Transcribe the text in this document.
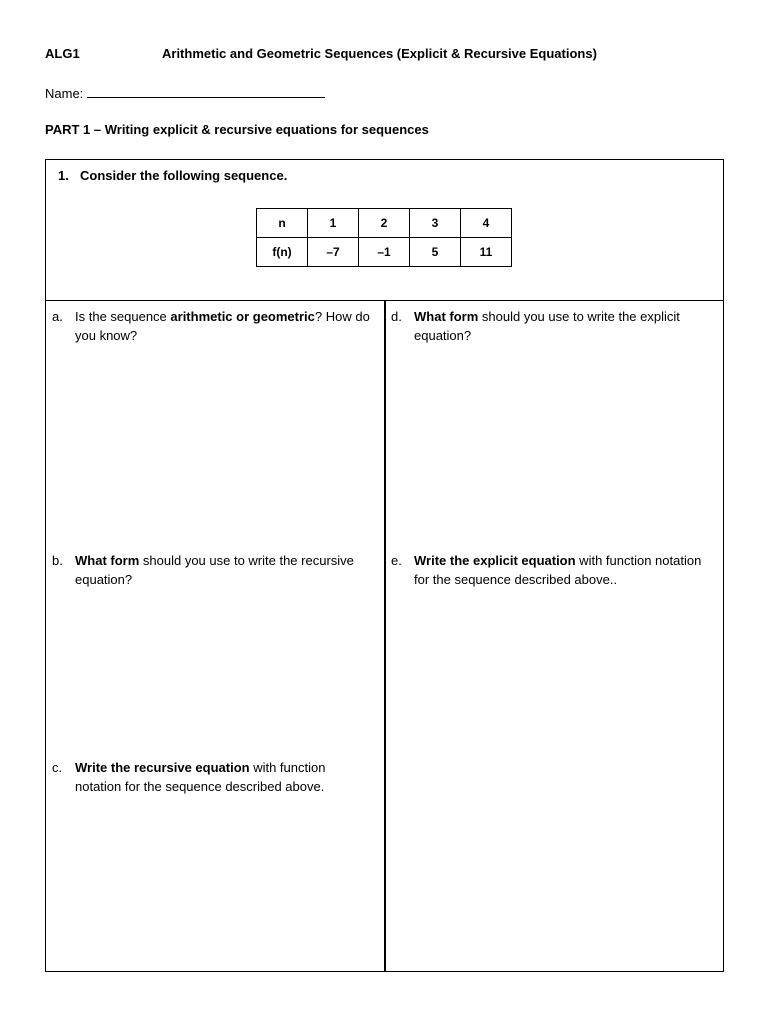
ALG1	Arithmetic and Geometric Sequences (Explicit & Recursive Equations)
Name:
PART 1 – Writing explicit & recursive equations for sequences
1. Consider the following sequence.
n	1	2	3	4
f(n)	–7	–1	5	11
a. Is the sequence arithmetic or geometric? How do you know?
b. What form should you use to write the recursive equation?
c. Write the recursive equation with function notation for the sequence described above.
d. What form should you use to write the explicit equation?
e. Write the explicit equation with function notation for the sequence described above..
